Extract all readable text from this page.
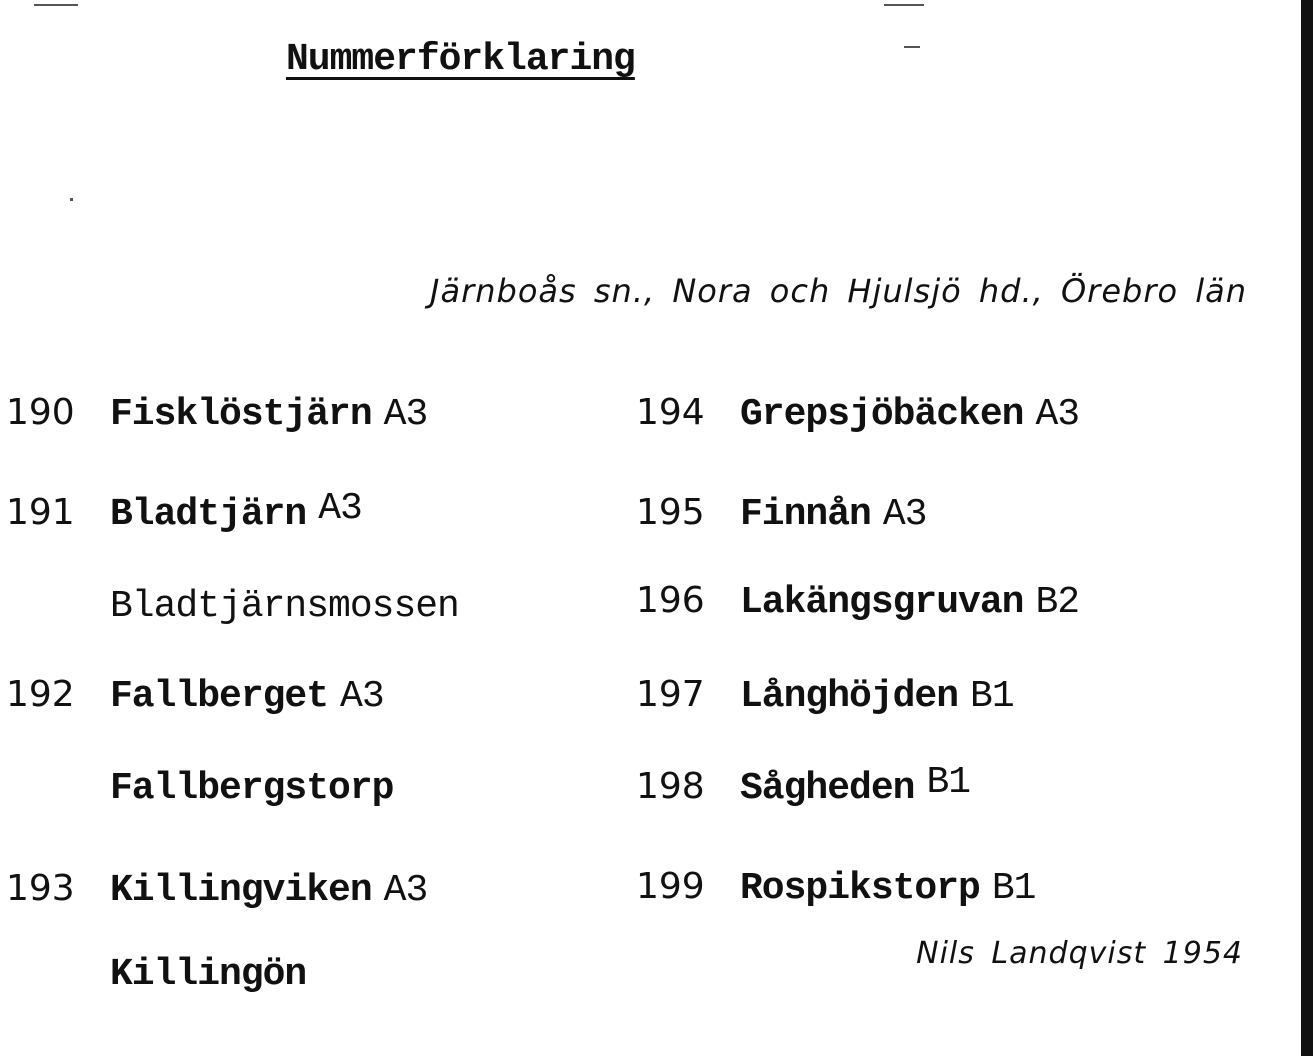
Nummerförklaring
Järnboås sn., Nora och Hjulsjö hd., Örebro län
190 Fisklöstjärn A3
191 Bladtjärn A3
Bladtjärnsmossen
192 Fallberget A3
Fallbergstorp
193 Killingviken A3
Killingön
194 Grepsjöbäcken A3
195 Finnån A3
196 Lakängsgruvan B2
197 Långhöjden B1
198 Sågheden B1
199 Rospikstorp B1
Nils Landqvist 1954
